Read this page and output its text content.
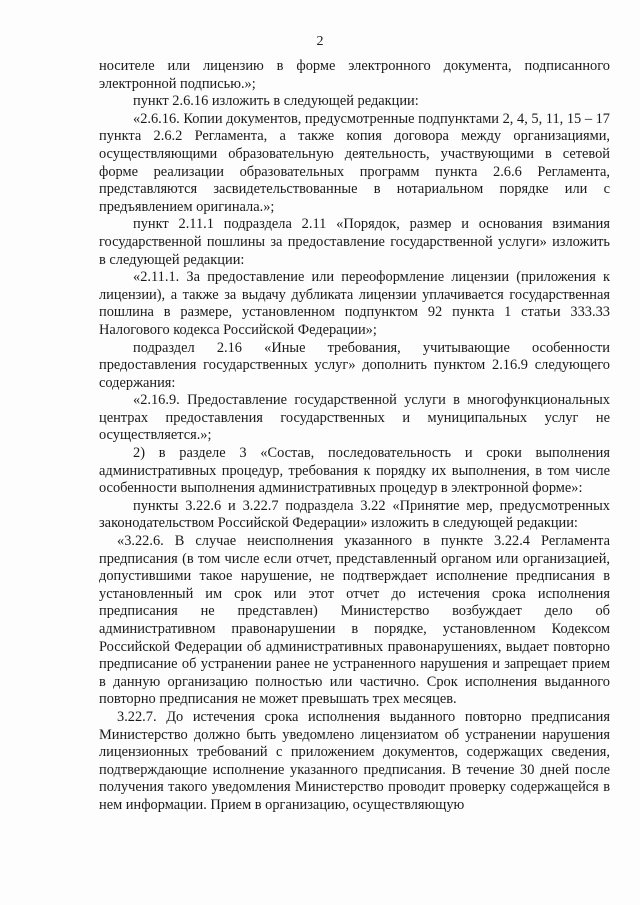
2

носителе или лицензию в форме электронного документа, подписанного электронной подписью.»;

пункт 2.6.16 изложить в следующей редакции:

«2.6.16. Копии документов, предусмотренные подпунктами 2, 4, 5, 11, 15 – 17 пункта 2.6.2 Регламента, а также копия договора между организациями, осуществляющими образовательную деятельность, участвующими в сетевой форме реализации образовательных программ пункта 2.6.6 Регламента, представляются засвидетельствованные в нотариальном порядке или с предъявлением оригинала.»;

пункт 2.11.1 подраздела 2.11 «Порядок, размер и основания взимания государственной пошлины за предоставление государственной услуги» изложить в следующей редакции:

«2.11.1. За предоставление или переоформление лицензии (приложения к лицензии), а также за выдачу дубликата лицензии уплачивается государственная пошлина в размере, установленном подпунктом 92 пункта 1 статьи 333.33 Налогового кодекса Российской Федерации»;

подраздел 2.16 «Иные требования, учитывающие особенности предоставления государственных услуг» дополнить пунктом 2.16.9 следующего содержания:

«2.16.9. Предоставление государственной услуги в многофункциональных центрах предоставления государственных и муниципальных услуг не осуществляется.»;

2) в разделе 3 «Состав, последовательность и сроки выполнения административных процедур, требования к порядку их выполнения, в том числе особенности выполнения административных процедур в электронной форме»:

пункты 3.22.6 и 3.22.7 подраздела 3.22 «Принятие мер, предусмотренных законодательством Российской Федерации» изложить в следующей редакции:

«3.22.6. В случае неисполнения указанного в пункте 3.22.4 Регламента предписания (в том числе если отчет, представленный органом или организацией, допустившими такое нарушение, не подтверждает исполнение предписания в установленный им срок или этот отчет до истечения срока исполнения предписания не представлен) Министерство возбуждает дело об административном правонарушении в порядке, установленном Кодексом Российской Федерации об административных правонарушениях, выдает повторно предписание об устранении ранее не устраненного нарушения и запрещает прием в данную организацию полностью или частично. Срок исполнения выданного повторно предписания не может превышать трех месяцев.

3.22.7. До истечения срока исполнения выданного повторно предписания Министерство должно быть уведомлено лицензиатом об устранении нарушения лицензионных требований с приложением документов, содержащих сведения, подтверждающие исполнение указанного предписания. В течение 30 дней после получения такого уведомления Министерство проводит проверку содержащейся в нем информации. Прием в организацию, осуществляющую
